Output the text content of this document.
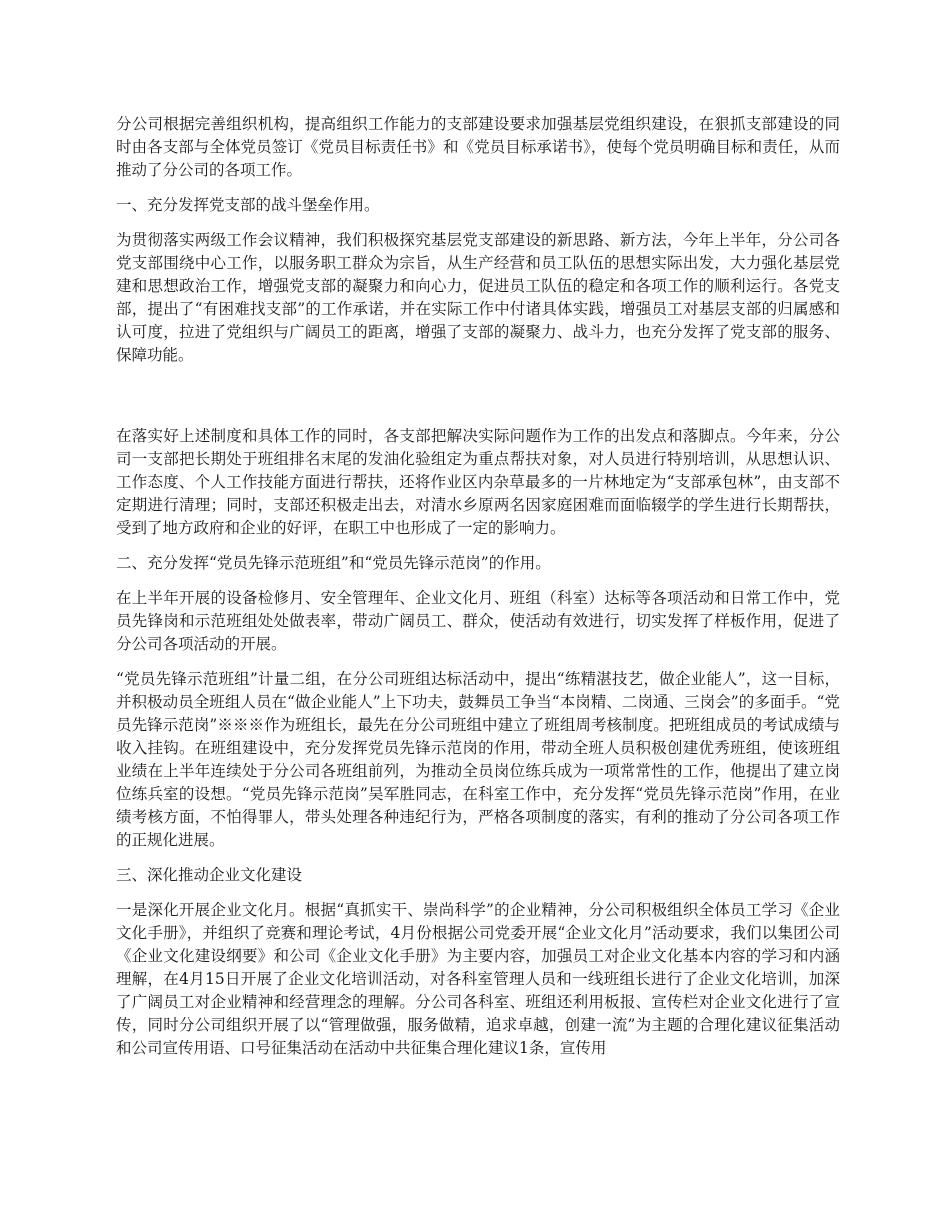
分公司根据完善组织机构，提高组织工作能力的支部建设要求加强基层党组织建设，在狠抓支部建设的同时由各支部与全体党员签订《党员目标责任书》和《党员目标承诺书》，使每个党员明确目标和责任，从而推动了分公司的各项工作。

一、充分发挥党支部的战斗堡垒作用。

为贯彻落实两级工作会议精神，我们积极探究基层党支部建设的新思路、新方法，今年上半年，分公司各党支部围绕中心工作，以服务职工群众为宗旨，从生产经营和员工队伍的思想实际出发，大力强化基层党建和思想政治工作，增强党支部的凝聚力和向心力，促进员工队伍的稳定和各项工作的顺利运行。各党支部，提出了“有困难找支部”的工作承诺，并在实际工作中付诸具体实践，增强员工对基层支部的归属感和认可度，拉进了党组织与广阔员工的距离，增强了支部的凝聚力、战斗力，也充分发挥了党支部的服务、保障功能。

在落实好上述制度和具体工作的同时，各支部把解决实际问题作为工作的出发点和落脚点。今年来，分公司一支部把长期处于班组排名末尾的发油化验组定为重点帮扶对象，对人员进行特别培训，从思想认识、工作态度、个人工作技能方面进行帮扶，还将作业区内杂草最多的一片林地定为“支部承包林”，由支部不定期进行清理；同时，支部还积极走出去，对清水乡原两名因家庭困难而面临辍学的学生进行长期帮扶，受到了地方政府和企业的好评，在职工中也形成了一定的影响力。

二、充分发挥“党员先锋示范班组”和“党员先锋示范岗”的作用。

在上半年开展的设备检修月、安全管理年、企业文化月、班组（科室）达标等各项活动和日常工作中，党员先锋岗和示范班组处处做表率，带动广阔员工、群众，使活动有效进行，切实发挥了样板作用，促进了分公司各项活动的开展。

“党员先锋示范班组”计量二组，在分公司班组达标活动中，提出“练精湛技艺，做企业能人”，这一目标，并积极动员全班组人员在“做企业能人”上下功夫，鼓舞员工争当“本岗精、二岗通、三岗会”的多面手。“党员先锋示范岗”※※※作为班组长，最先在分公司班组中建立了班组周考核制度。把班组成员的考试成绩与收入挂钩。在班组建设中，充分发挥党员先锋示范岗的作用，带动全班人员积极创建优秀班组，使该班组业绩在上半年连续处于分公司各班组前列，为推动全员岗位练兵成为一项常常性的工作，他提出了建立岗位练兵室的设想。“党员先锋示范岗”吴军胜同志，在科室工作中，充分发挥“党员先锋示范岗”作用，在业绩考核方面，不怕得罪人，带头处理各种违纪行为，严格各项制度的落实，有利的推动了分公司各项工作的正规化进展。

三、深化推动企业文化建设

一是深化开展企业文化月。根据“真抓实干、崇尚科学”的企业精神，分公司积极组织全体员工学习《企业文化手册》，并组织了竞赛和理论考试，4月份根据公司党委开展“企业文化月”活动要求，我们以集团公司《企业文化建设纲要》和公司《企业文化手册》为主要内容，加强员工对企业文化基本内容的学习和内涵理解，在4月15日开展了企业文化培训活动，对各科室管理人员和一线班组长进行了企业文化培训，加深了广阔员工对企业精神和经营理念的理解。分公司各科室、班组还利用板报、宣传栏对企业文化进行了宣传，同时分公司组织开展了以“管理做强，服务做精，追求卓越，创建一流”为主题的合理化建议征集活动和公司宣传用语、口号征集活动在活动中共征集合理化建议1条，宣传用
